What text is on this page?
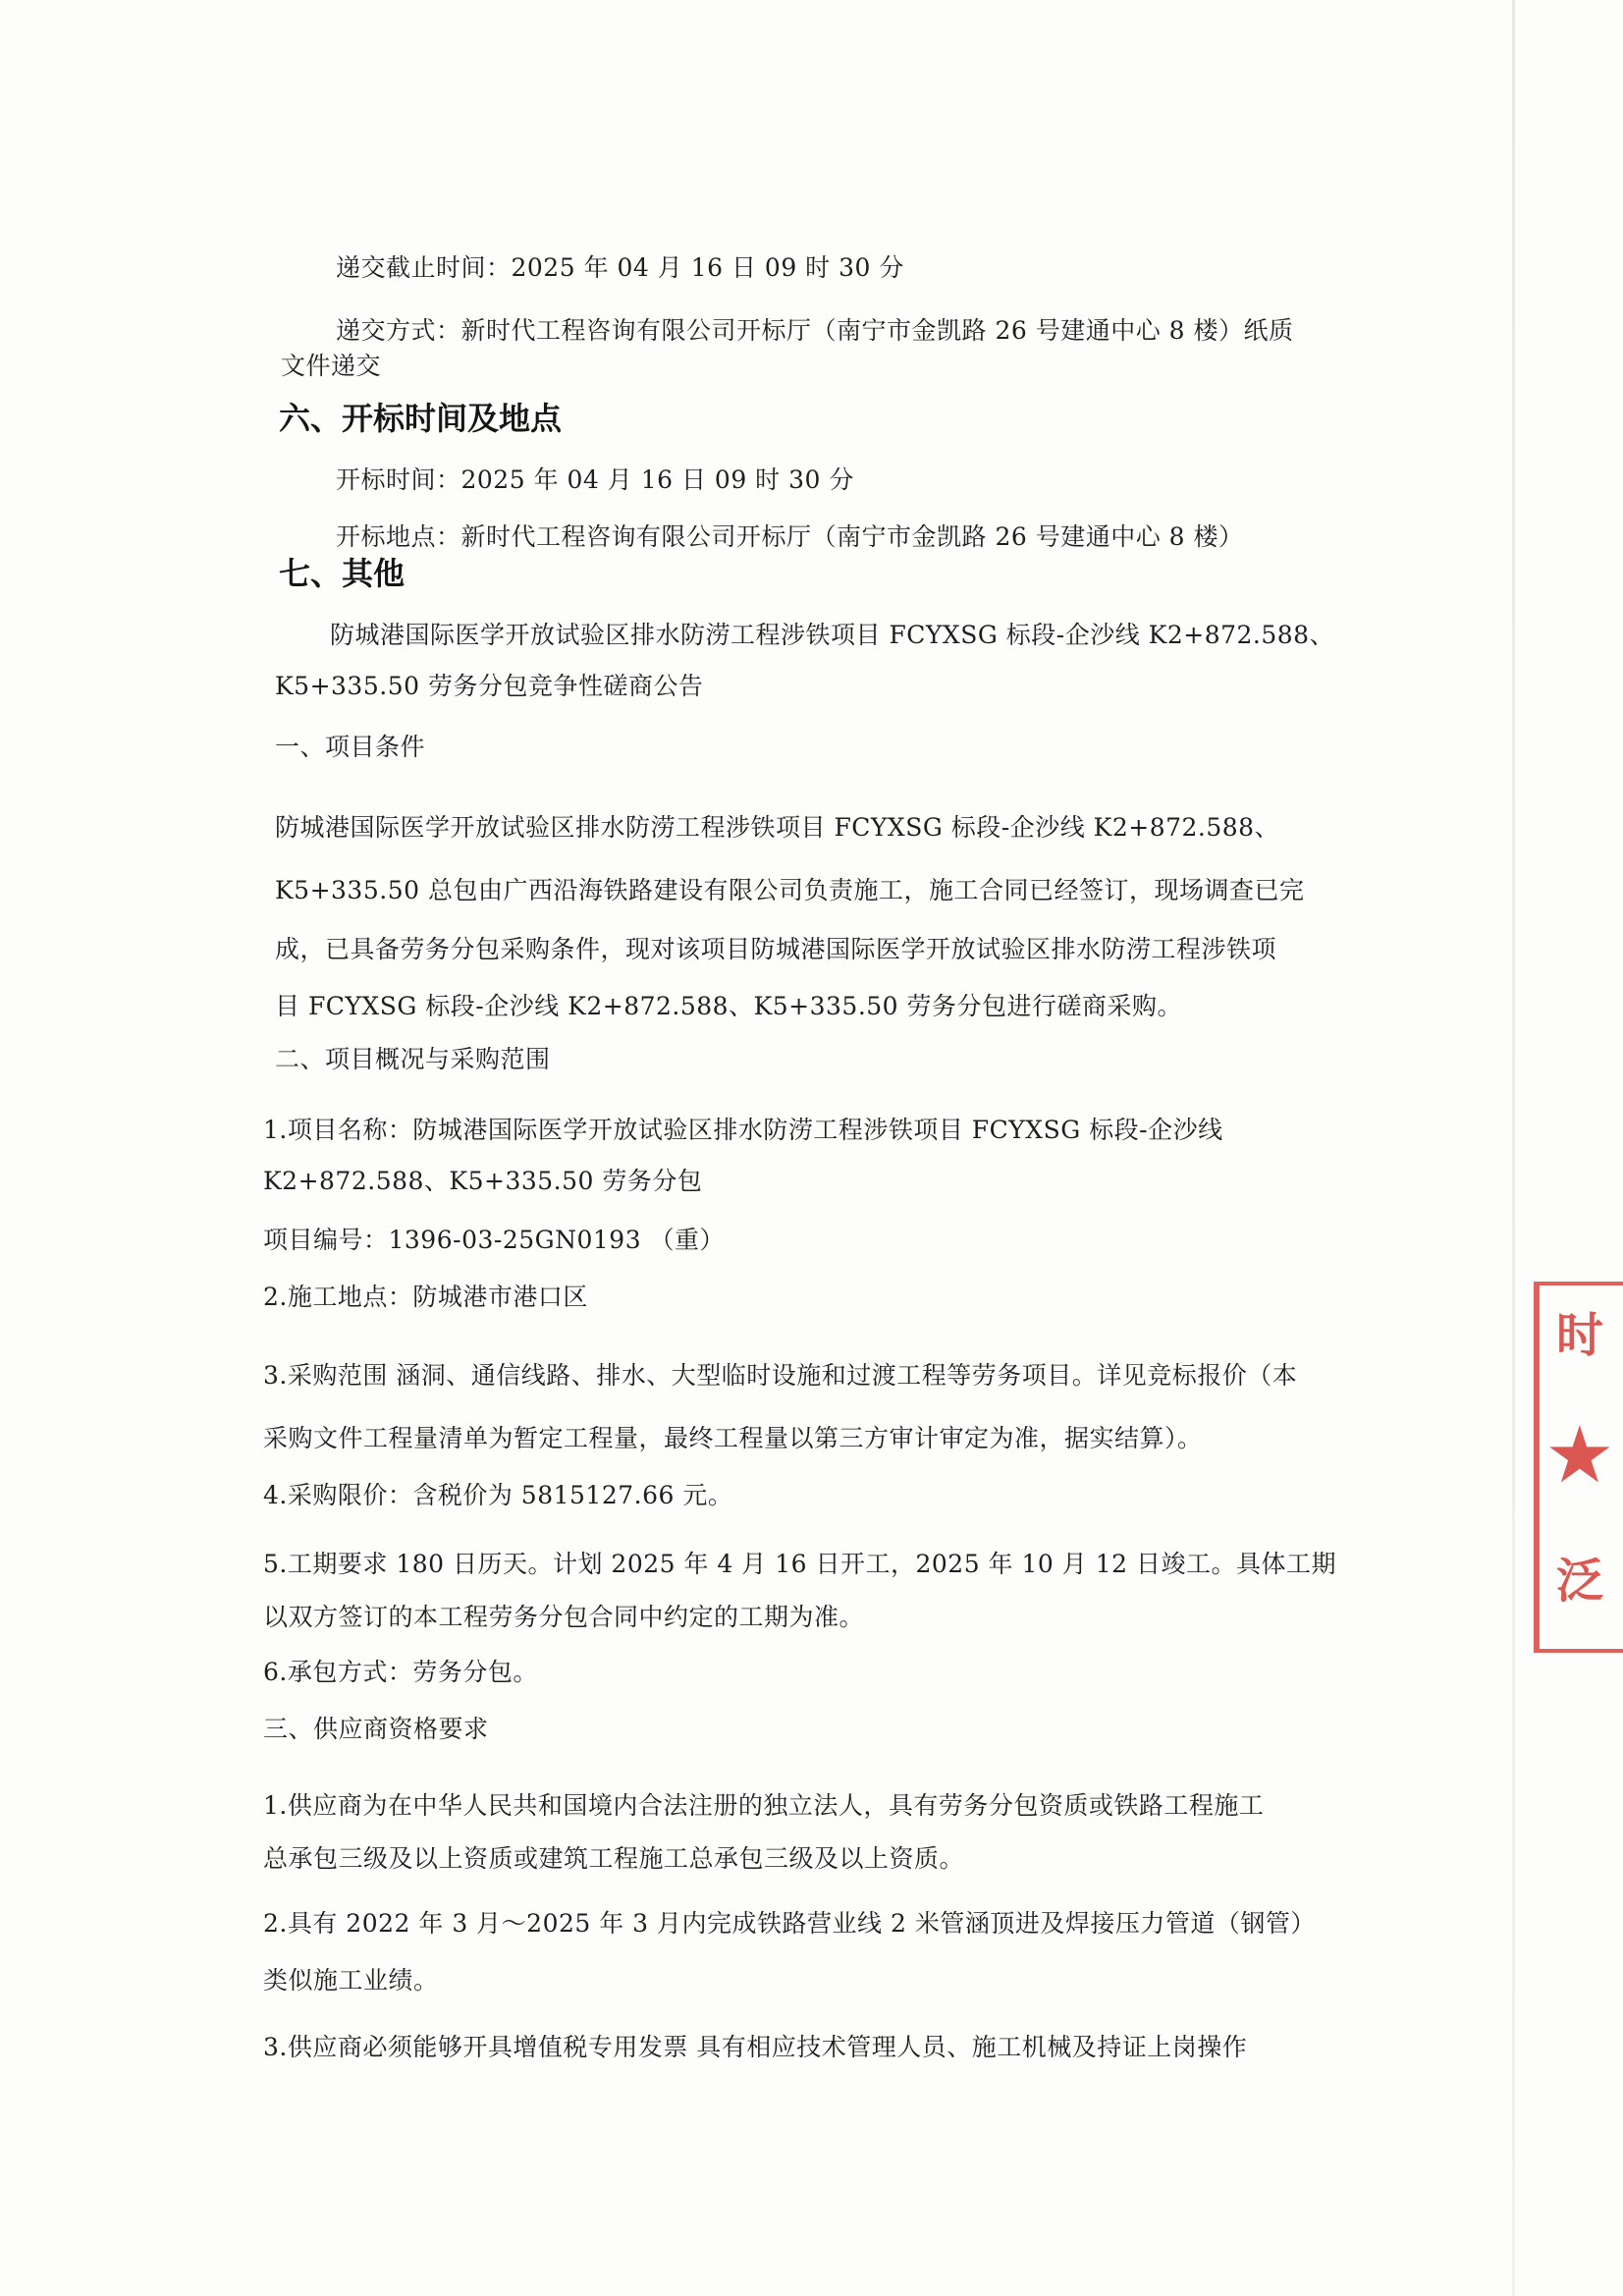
递交截止时间：2025 年 04 月 16 日 09 时 30 分
递交方式：新时代工程咨询有限公司开标厅（南宁市金凯路 26 号建通中心 8 楼）纸质
文件递交
六、开标时间及地点
开标时间：2025 年 04 月 16 日 09 时 30 分
开标地点：新时代工程咨询有限公司开标厅（南宁市金凯路 26 号建通中心 8 楼）
七、其他
防城港国际医学开放试验区排水防涝工程涉铁项目 FCYXSG 标段-企沙线 K2+872.588、
K5+335.50 劳务分包竞争性磋商公告
一、项目条件
防城港国际医学开放试验区排水防涝工程涉铁项目 FCYXSG 标段-企沙线 K2+872.588、
K5+335.50 总包由广西沿海铁路建设有限公司负责施工，施工合同已经签订，现场调查已完
成，已具备劳务分包采购条件，现对该项目防城港国际医学开放试验区排水防涝工程涉铁项
目 FCYXSG 标段-企沙线 K2+872.588、K5+335.50 劳务分包进行磋商采购。
二、项目概况与采购范围
1.项目名称：防城港国际医学开放试验区排水防涝工程涉铁项目 FCYXSG 标段-企沙线
K2+872.588、K5+335.50 劳务分包
项目编号：1396-03-25GN0193 （重）
2.施工地点：防城港市港口区
3.采购范围 涵洞、通信线路、排水、大型临时设施和过渡工程等劳务项目。详见竞标报价（本
采购文件工程量清单为暂定工程量，最终工程量以第三方审计审定为准，据实结算）。
4.采购限价：含税价为 5815127.66 元。
5.工期要求 180 日历天。计划 2025 年 4 月 16 日开工，2025 年 10 月 12 日竣工。具体工期
以双方签订的本工程劳务分包合同中约定的工期为准。
6.承包方式：劳务分包。
三、供应商资格要求
1.供应商为在中华人民共和国境内合法注册的独立法人，具有劳务分包资质或铁路工程施工
总承包三级及以上资质或建筑工程施工总承包三级及以上资质。
2.具有 2022 年 3 月～2025 年 3 月内完成铁路营业线 2 米管涵顶进及焊接压力管道（钢管）
类似施工业绩。
3.供应商必须能够开具增值税专用发票 具有相应技术管理人员、施工机械及持证上岗操作
时
★
泛
